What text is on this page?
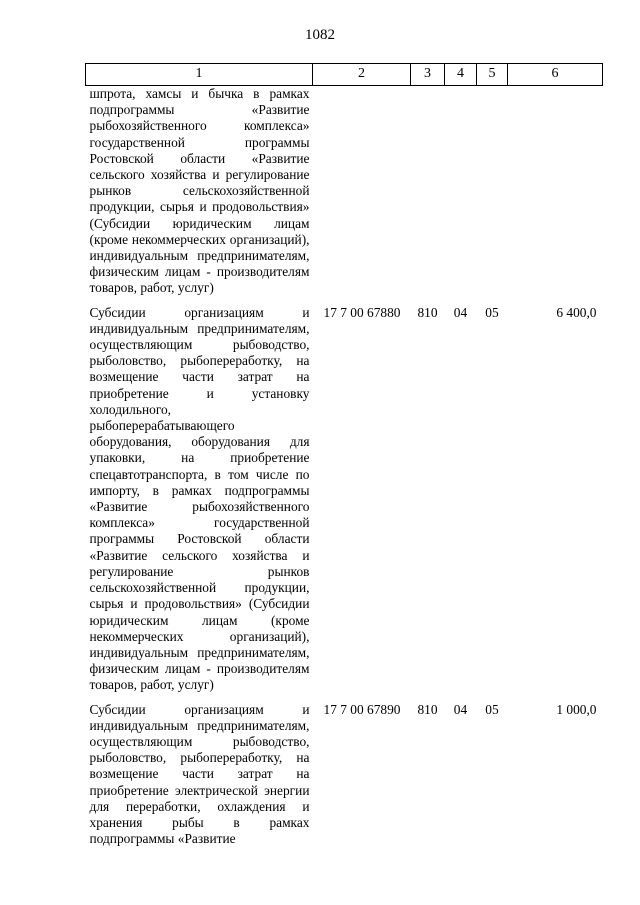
1082
1	2	3	4	5	6
шпрота, хамсы и бычка в рамках подпрограммы «Развитие рыбохозяйственного комплекса» государственной программы Ростовской области «Развитие сельского хозяйства и регулирование рынков сельскохозяйственной продукции, сырья и продовольствия» (Субсидии юридическим лицам (кроме некоммерческих организаций), индивидуальным предпринимателям, физическим лицам - производителям товаров, работ, услуг)					
Субсидии организациям и индивидуальным предпринимателям, осуществляющим рыбоводство, рыболовство, рыбопереработку, на возмещение части затрат на приобретение и установку холодильного, рыбоперерабатывающего оборудования, оборудования для упаковки, на приобретение спецавтотранспорта, в том числе по импорту, в рамках подпрограммы «Развитие рыбохозяйственного комплекса» государственной программы Ростовской области «Развитие сельского хозяйства и регулирование рынков сельскохозяйственной продукции, сырья и продовольствия» (Субсидии юридическим лицам (кроме некоммерческих организаций), индивидуальным предпринимателям, физическим лицам - производителям товаров, работ, услуг)	17 7 00 67880	810	04	05	6 400,0
Субсидии организациям и индивидуальным предпринимателям, осуществляющим рыбоводство, рыболовство, рыбопереработку, на возмещение части затрат на приобретение электрической энергии для переработки, охлаждения и хранения рыбы в рамках подпрограммы «Развитие	17 7 00 67890	810	04	05	1 000,0
